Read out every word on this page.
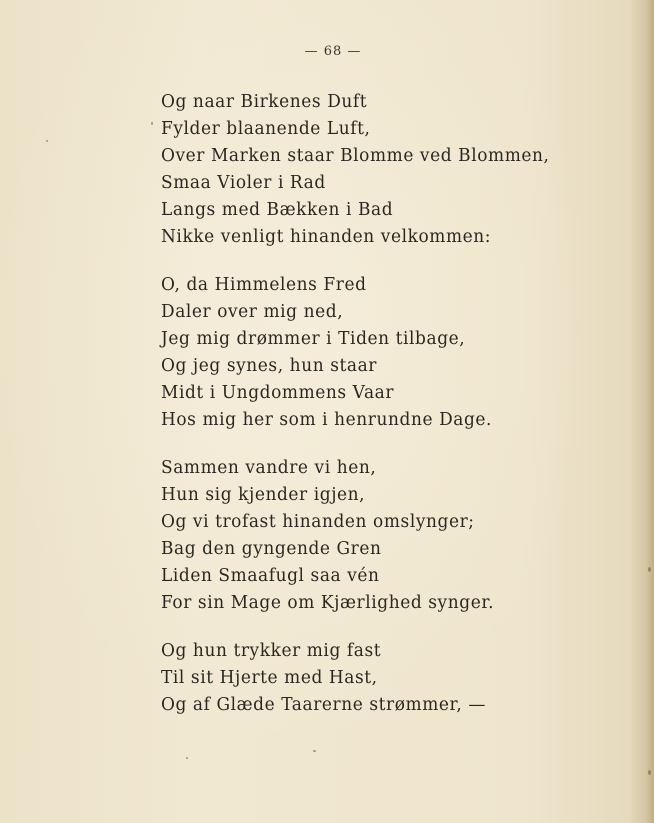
— 68 —
Og naar Birkenes Duft
Fylder blaanende Luft,
Over Marken staar Blomme ved Blommen,
Smaa Violer i Rad
Langs med Bækken i Bad
Nikke venligt hinanden velkommen:
O, da Himmelens Fred
Daler over mig ned,
Jeg mig drømmer i Tiden tilbage,
Og jeg synes, hun staar
Midt i Ungdommens Vaar
Hos mig her som i henrundne Dage.
Sammen vandre vi hen,
Hun sig kjender igjen,
Og vi trofast hinanden omslynger;
Bag den gyngende Gren
Liden Smaafugl saa vén
For sin Mage om Kjærlighed synger.
Og hun trykker mig fast
Til sit Hjerte med Hast,
Og af Glæde Taarerne strømmer, —
